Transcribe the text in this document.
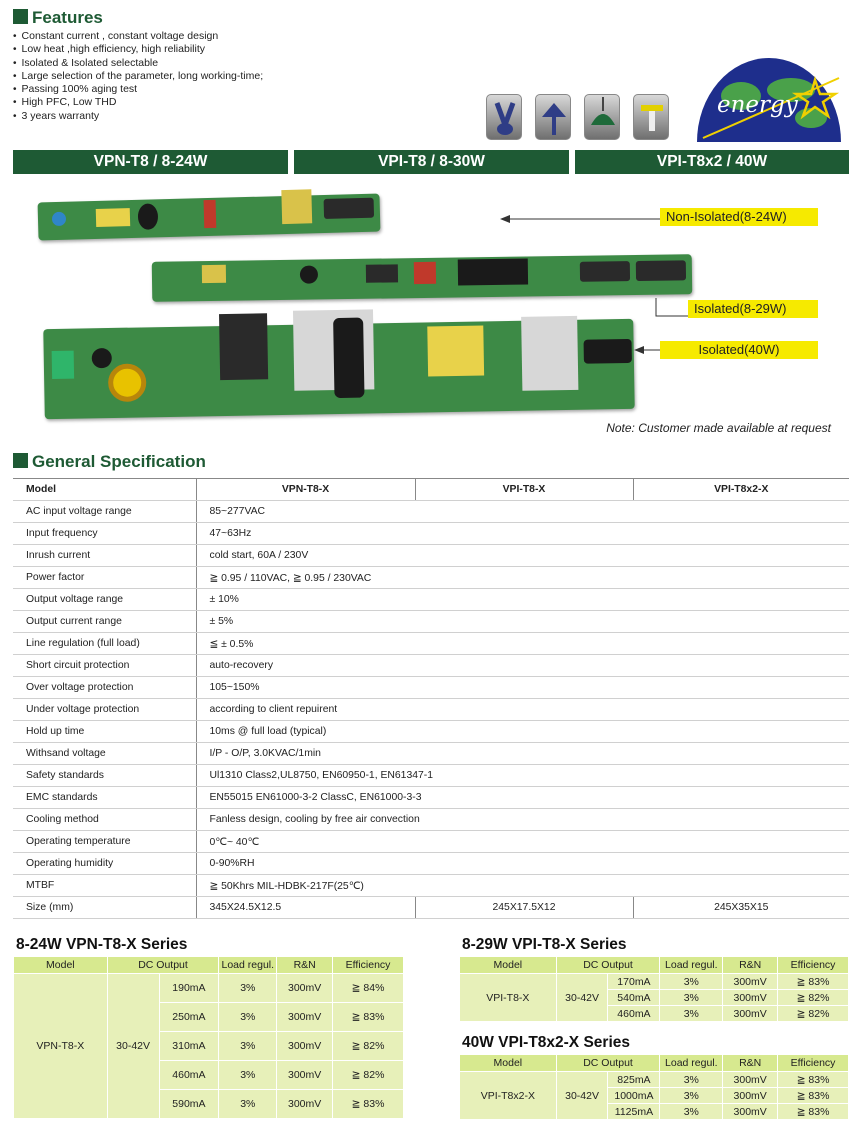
Features
• Constant current , constant voltage design
• Low heat ,high efficiency, high reliability
• Isolated & Isolated selectable
• Large selection of the parameter, long working-time;
• Passing 100% aging test
• High PFC, Low THD
• 3 years warranty	energy
VPN-T8 / 8-24W	VPI-T8 / 8-30W	VPI-T8x2 / 40W
Non-Isolated(8-24W)
Isolated(8-29W)
Isolated(40W)
Note: Customer made available at request
General Specification
Model	VPN-T8-X	VPI-T8-X	VPI-T8x2-X
AC input voltage range	85~277VAC		
Input frequency	47~63Hz		
Inrush current	cold start, 60A / 230V		
Power factor	≧ 0.95 / 110VAC, ≧ 0.95 / 230VAC		
Output voltage range	± 10%		
Output current range	± 5%		
Line regulation (full load)	≦ ± 0.5%		
Short circuit protection	auto-recovery		
Over voltage protection	105~150%		
Under voltage protection	according to client repuirent		
Hold up time	10ms @ full load (typical)		
Withsand voltage	I/P - O/P, 3.0KVAC/1min		
Safety standards	Ul1310 Class2,UL8750, EN60950-1, EN61347-1		
EMC standards	EN55015 EN61000-3-2 ClassC, EN61000-3-3		
Cooling method	Fanless design, cooling by free air convection		
Operating temperature	0℃~ 40℃		
Operating humidity	0-90%RH		
MTBF	≧ 50Khrs MIL-HDBK-217F(25℃)		
Size (mm)	345X24.5X12.5	245X17.5X12	245X35X15
8-24W VPN-T8-X Series
Model	DC Output		Load regul.	R&N	Efficiency
VPN-T8-X	30-42V	190mA	3%	300mV	≧ 84%
		250mA	3%	300mV	≧ 83%
		310mA	3%	300mV	≧ 82%
		460mA	3%	300mV	≧ 82%
		590mA	3%	300mV	≧ 83%
8-29W VPI-T8-X Series
Model	DC Output		Load regul.	R&N	Efficiency
VPI-T8-X	30-42V	170mA	3%	300mV	≧ 83%
		540mA	3%	300mV	≧ 82%
		460mA	3%	300mV	≧ 82%
40W VPI-T8x2-X Series
Model	DC Output		Load regul.	R&N	Efficiency
VPI-T8x2-X	30-42V	825mA	3%	300mV	≧ 83%
		1000mA	3%	300mV	≧ 83%
		1125mA	3%	300mV	≧ 83%
